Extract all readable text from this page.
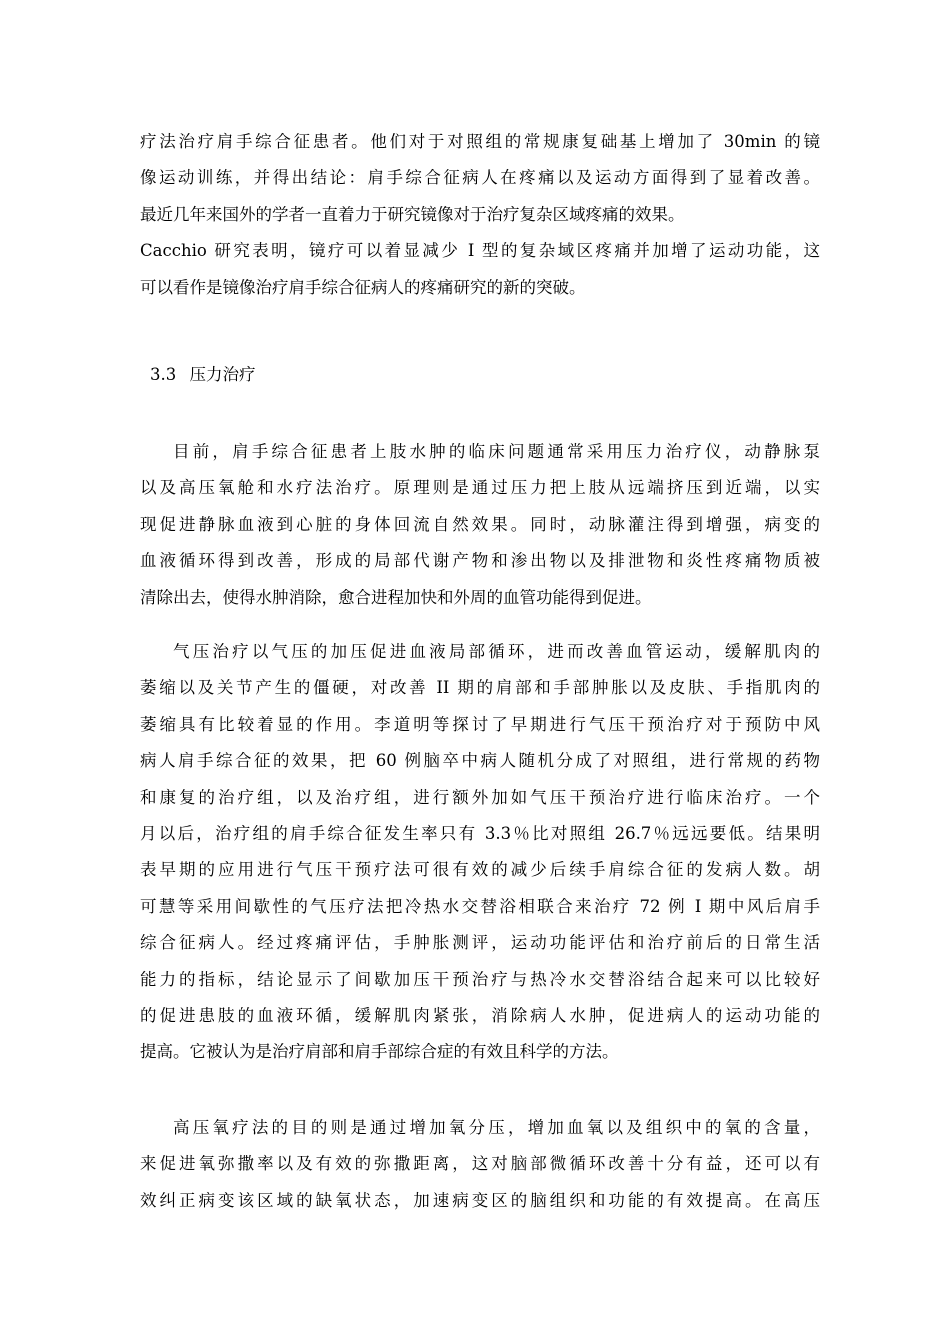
疗法治疗肩手综合征患者。他们对于对照组的常规康复础基上增加了 30min 的镜
像运动训练，并得出结论：肩手综合征病人在疼痛以及运动方面得到了显着改善。
最近几年来国外的学者一直着力于研究镜像对于治疗复杂区域疼痛的效果。
Cacchio 研究表明，镜疗可以着显减少 I 型的复杂域区疼痛并加增了运动功能，这
可以看作是镜像治疗肩手综合征病人的疼痛研究的新的突破。
3.3 压力治疗
目前，肩手综合征患者上肢水肿的临床问题通常采用压力治疗仪，动静脉泵
以及高压氧舱和水疗法治疗。原理则是通过压力把上肢从远端挤压到近端，以实
现促进静脉血液到心脏的身体回流自然效果。同时，动脉灌注得到增强，病变的
血液循环得到改善，形成的局部代谢产物和渗出物以及排泄物和炎性疼痛物质被
清除出去，使得水肿消除，愈合进程加快和外周的血管功能得到促进。
气压治疗以气压的加压促进血液局部循环，进而改善血管运动，缓解肌肉的
萎缩以及关节产生的僵硬，对改善 II 期的肩部和手部肿胀以及皮肤、手指肌肉的
萎缩具有比较着显的作用。李道明等探讨了早期进行气压干预治疗对于预防中风
病人肩手综合征的效果，把 60 例脑卒中病人随机分成了对照组，进行常规的药物
和康复的治疗组，以及治疗组，进行额外加如气压干预治疗进行临床治疗。一个
月以后，治疗组的肩手综合征发生率只有 3.3％比对照组 26.7％远远要低。结果明
表早期的应用进行气压干预疗法可很有效的减少后续手肩综合征的发病人数。胡
可慧等采用间歇性的气压疗法把冷热水交替浴相联合来治疗 72 例 I 期中风后肩手
综合征病人。经过疼痛评估，手肿胀测评，运动功能评估和治疗前后的日常生活
能力的指标，结论显示了间歇加压干预治疗与热冷水交替浴结合起来可以比较好
的促进患肢的血液环循，缓解肌肉紧张，消除病人水肿，促进病人的运动功能的
提高。它被认为是治疗肩部和肩手部综合症的有效且科学的方法。
高压氧疗法的目的则是通过增加氧分压，增加血氧以及组织中的氧的含量，
来促进氧弥撒率以及有效的弥撒距离，这对脑部微循环改善十分有益，还可以有
效纠正病变该区域的缺氧状态，加速病变区的脑组织和功能的有效提高。在高压
